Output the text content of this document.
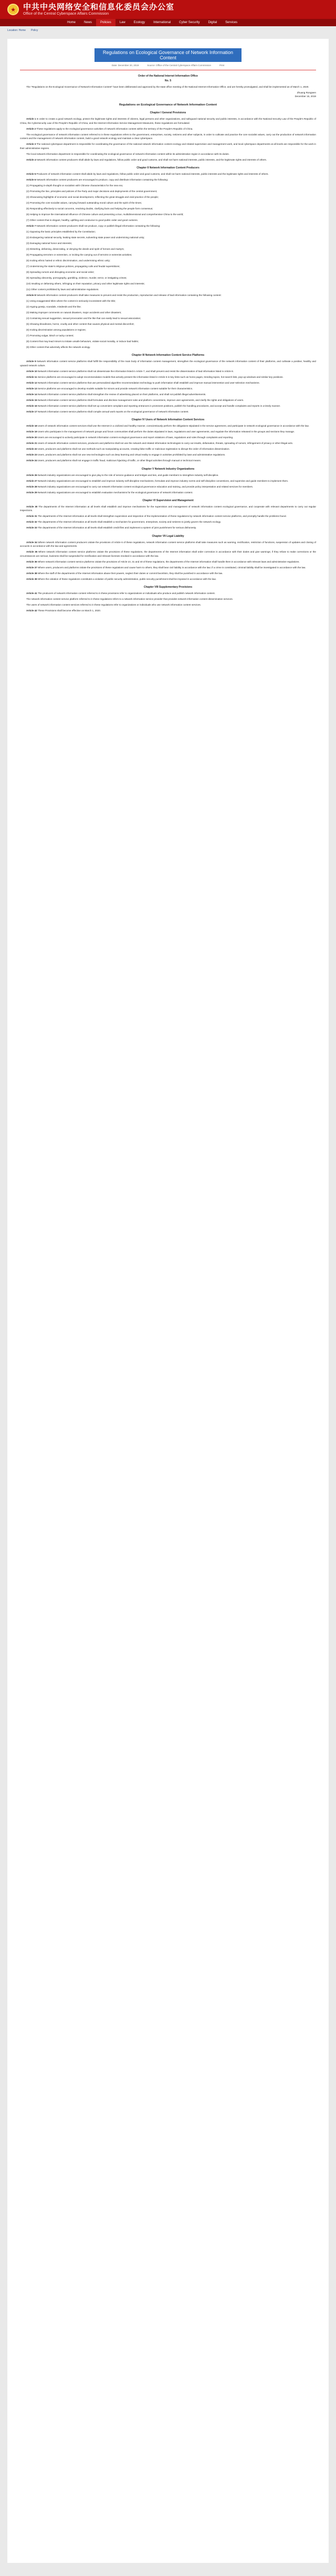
★ 中共中央网络安全和信息化委员会办公室
Office of the Central Cyberspace Affairs Commission
Home	News	Policies	Law	Ecology	International	Cyber Security	Digital	Services
Location: Home Policy
Regulations on Ecological Governance of Network Information Content
Date: December 20, 2019	Source: Office of the Central Cyberspace Affairs Commission	Print
Order of the National Internet Information Office
No. 5

The "Regulations on the Ecological Governance of Network Information Content" have been deliberated and approved by the state office meeting of the National Internet Information Office, and are hereby promulgated, and shall be implemented as of March 1, 2020.

Zhuang Rongwen
December 15, 2019
Regulations on Ecological Governance of Network Information Content
Chapter I General Provisions

Article 1 In order to create a good network ecology, protect the legitimate rights and interests of citizens, legal persons and other organizations, and safeguard national security and public interests, in accordance with the National Security Law of the People's Republic of China, the Cybersecurity Law of the People's Republic of China, and the Internet Information Service Management Measures, these regulations are formulated.

Article 2 These regulations apply to the ecological governance activities of network information content within the territory of the People's Republic of China.

The ecological governance of network information content referred to in these regulations refers to the government, enterprises, society, netizens and other subjects, in order to cultivate and practice the core socialist values, carry out the production of network information content and the management of network information content, build a good network ecology and maintain a clear cyberspace.

Article 3 The national cyberspace department is responsible for coordinating the governance of the national network information content ecology and related supervision and management work, and local cyberspace departments at all levels are responsible for the work in their administrative regions.

The local network information department is responsible for coordinating the ecological governance of network information content within its administrative region in accordance with its duties.

Article 4 Network information content producers shall abide by laws and regulations, follow public order and good customs, and shall not harm national interests, public interests, and the legitimate rights and interests of others.

Chapter II Network Information Content Producers

Article 5 Producers of network information content shall abide by laws and regulations, follow public order and good customs, and shall not harm national interests, public interests and the legitimate rights and interests of others.

Article 6 Network information content producers are encouraged to produce, copy and distribute information containing the following:

(1) Propagating in-depth thought on socialism with Chinese characteristics for the new era;

(2) Promoting the line, principles and policies of the Party and major decisions and deployments of the central government;

(3) Showcasing highlights of economic and social development, reflecting the great struggle and vivid practice of the people;

(4) Promoting the core socialist values, carrying forward outstanding moral culture and the spirit of the times;

(5) Responding effectively to social concerns, resolving doubts, clarifying facts and helping the people form consensus;

(6) Helping to improve the international influence of Chinese culture and presenting a true, multidimensional and comprehensive China to the world;

(7) Other content that is elegant, healthy, uplifting and conducive to good public order and good customs.

Article 7 Network information content producers shall not produce, copy or publish illegal information containing the following:

(1) Opposing the basic principles established by the Constitution;

(2) Endangering national security, leaking state secrets, subverting state power and undermining national unity;

(3) Damaging national honor and interests;

(4) Distorting, defaming, desecrating, or denying the deeds and spirit of heroes and martyrs;

(5) Propagating terrorism or extremism, or inciting the carrying out of terrorist or extremist activities;

(6) Inciting ethnic hatred or ethnic discrimination, and undermining ethnic unity;

(7) Undermining the state's religious policies, propagating cults and feudal superstitions;

(8) Spreading rumors and disrupting economic and social order;

(9) Spreading obscenity, pornography, gambling, violence, murder, terror, or instigating crimes;

(10) Insulting or defaming others, infringing on their reputation, privacy and other legitimate rights and interests;

(11) Other content prohibited by laws and administrative regulations.

Article 8 Network information content producers shall take measures to prevent and resist the production, reproduction and release of bad information containing the following content:

(1) Using exaggerated titles where the content is seriously inconsistent with the title;

(2) Hyping gossip, scandals, misdeeds and the like;

(3) Making improper comments on natural disasters, major accidents and other disasters;

(4) Containing sexual suggestion, sexual provocation and the like that can easily lead to sexual association;

(5) Showing bloodiness, horror, cruelty and other content that causes physical and mental discomfort;

(6) Inciting discrimination among populations or regions;

(7) Promoting vulgar, kitsch or tacky content;

(8) Content that may lead minors to imitate unsafe behaviors, violate social morality, or induce bad habits;

(9) Other content that adversely affects the network ecology.

Chapter III Network Information Content Service Platforms

Article 9 Network information content service platforms shall fulfill the responsibility of the main body of information content management, strengthen the ecological governance of the network information content of their platforms, and cultivate a positive, healthy and upward network culture.

Article 10 Network information content service platforms shall not disseminate the information listed in Article 7, and shall prevent and resist the dissemination of bad information listed in Article 8.

Article 11 Service platforms are encouraged to adopt recommendation models that actively present the information listed in Article 6 in key links such as home pages, trending topics, hot search lists, pop-up windows and similar key positions.

Article 12 Network information content service platforms that use personalized algorithm recommendation technology to push information shall establish and improve manual intervention and user-selection mechanisms.

Article 13 Service platforms are encouraged to develop models suitable for minors and provide network information content suitable for their characteristics.

Article 14 Network information content service platforms shall strengthen the review of advertising placed on their platforms, and shall not publish illegal advertisements.

Article 15 Network information content service platforms shall formulate and disclose management rules and platform conventions, improve user agreements, and clarify the rights and obligations of users.

Article 16 Network information content service platforms shall set up convenient complaint and reporting entrances in prominent positions, publish the handling procedures, and accept and handle complaints and reports in a timely manner.

Article 17 Network information content service platforms shall compile annual work reports on the ecological governance of network information content.

Chapter IV Users of Network Information Content Services

Article 18 Users of network information content services shall use the Internet in a civilized and healthy manner, conscientiously perform the obligations stipulated in the service agreement, and participate in network ecological governance in accordance with the law.

Article 19 Users who participate in the management of network groups and forum communities shall perform the duties stipulated in laws, regulations and user agreements, and regulate the information released in the groups and sections they manage.

Article 20 Users are encouraged to actively participate in network information content ecological governance and report violations of laws, regulations and rules through complaints and reporting.

Article 21 Users of network information content services, producers and platforms shall not use the network and related information technologies to carry out insults, defamation, threats, spreading of rumors, infringement of privacy or other illegal acts.

Article 22 Users, producers and platforms shall not use methods such as manipulating accounts, creating false traffic or malicious registration to disrupt the order of information dissemination.

Article 23 Users, producers and platforms shall not use new technologies such as deep learning and virtual reality to engage in activities prohibited by laws and administrative regulations.

Article 24 Users, producers and platforms shall not engage in traffic fraud, malicious hijacking of traffic, or other illegal activities through manual or technical means.

Chapter V Network Industry Organizations

Article 26 Network industry organizations are encouraged to give play to the role of service guidance and bridges and ties, and guide members to strengthen industry self-discipline.

Article 27 Network industry organizations are encouraged to establish and improve industry self-discipline mechanisms, formulate and improve industry norms and self-discipline conventions, and supervise and guide members to implement them.

Article 28 Network industry organizations are encouraged to carry out network information content ecological governance education and training, and provide policy interpretation and related services for members.

Article 29 Network industry organizations are encouraged to establish evaluation mechanisms for the ecological governance of network information content.

Chapter VI Supervision and Management

Article 30 The departments of the Internet information at all levels shall establish and improve mechanisms for the supervision and management of network information content ecological governance, and cooperate with relevant departments to carry out regular inspections.

Article 31 The departments of the Internet information at all levels shall strengthen supervision and inspection of the implementation of these regulations by network information content service platforms, and promptly handle the problems found.

Article 32 The departments of the Internet information at all levels shall establish a mechanism for government, enterprises, society and netizens to jointly govern the network ecology.

Article 33 The departments of the Internet information at all levels shall establish credit files and implement a system of joint punishment for serious dishonesty.

Chapter VII Legal Liability

Article 34 Where network information content producers violate the provisions of Article 6 of these regulations, network information content service platforms shall take measures such as warning, rectification, restriction of functions, suspension of updates and closing of accounts in accordance with the law and agreements.

Article 35 Where network information content service platforms violate the provisions of these regulations, the departments of the Internet information shall order correction in accordance with their duties and give warnings; if they refuse to make corrections or the circumstances are serious, business shall be suspended for rectification and relevant licenses revoked in accordance with the law.

Article 36 Where network information content service platforms violate the provisions of Article 10, 31 and 40 of these regulations, the departments of the Internet information shall handle them in accordance with relevant laws and administrative regulations.

Article 37 Where users, producers and platforms violate the provisions of these regulations and cause harm to others, they shall bear civil liability in accordance with the law; if a crime is constituted, criminal liability shall be investigated in accordance with the law.

Article 38 Where the staff of the departments of the Internet information abuse their powers, neglect their duties or commit favoritism, they shall be punished in accordance with the law.

Article 39 Where the violation of these regulations constitutes a violation of public security administration, public security punishment shall be imposed in accordance with the law.

Chapter VIII Supplementary Provisions

Article 41 The producers of network information content referred to in these provisions refer to organizations or individuals who produce and publish network information content.

The network information content service platform referred to in these regulations refers to a network information service provider that provides network information content dissemination services.

The users of network information content services referred to in these regulations refer to organizations or individuals who use network information content services.

Article 42 These Provisions shall become effective on March 1, 2020.
